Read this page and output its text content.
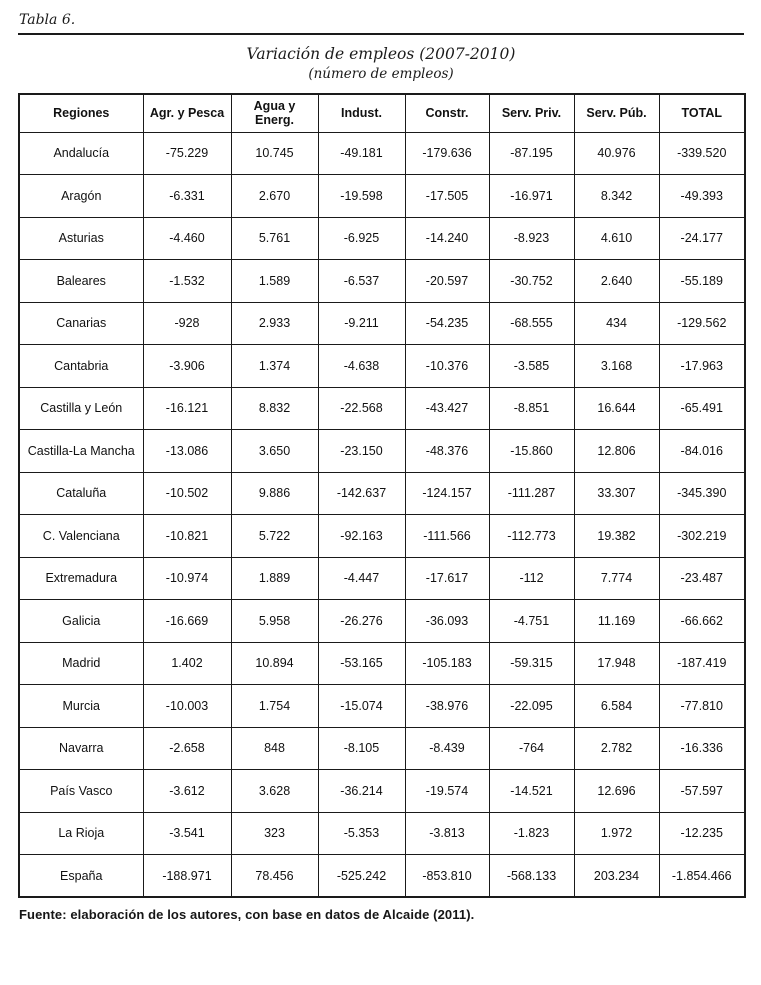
Tabla 6.
Variación de empleos (2007-2010)
(número de empleos)
Regiones	Agr. y Pesca	Agua y Energ.	Indust.	Constr.	Serv. Priv.	Serv. Púb.	TOTAL
Andalucía	-75.229	10.745	-49.181	-179.636	-87.195	40.976	-339.520
Aragón	-6.331	2.670	-19.598	-17.505	-16.971	8.342	-49.393
Asturias	-4.460	5.761	-6.925	-14.240	-8.923	4.610	-24.177
Baleares	-1.532	1.589	-6.537	-20.597	-30.752	2.640	-55.189
Canarias	-928	2.933	-9.211	-54.235	-68.555	434	-129.562
Cantabria	-3.906	1.374	-4.638	-10.376	-3.585	3.168	-17.963
Castilla y León	-16.121	8.832	-22.568	-43.427	-8.851	16.644	-65.491
Castilla-La Mancha	-13.086	3.650	-23.150	-48.376	-15.860	12.806	-84.016
Cataluña	-10.502	9.886	-142.637	-124.157	-111.287	33.307	-345.390
C. Valenciana	-10.821	5.722	-92.163	-111.566	-112.773	19.382	-302.219
Extremadura	-10.974	1.889	-4.447	-17.617	-112	7.774	-23.487
Galicia	-16.669	5.958	-26.276	-36.093	-4.751	11.169	-66.662
Madrid	1.402	10.894	-53.165	-105.183	-59.315	17.948	-187.419
Murcia	-10.003	1.754	-15.074	-38.976	-22.095	6.584	-77.810
Navarra	-2.658	848	-8.105	-8.439	-764	2.782	-16.336
País Vasco	-3.612	3.628	-36.214	-19.574	-14.521	12.696	-57.597
La Rioja	-3.541	323	-5.353	-3.813	-1.823	1.972	-12.235
España	-188.971	78.456	-525.242	-853.810	-568.133	203.234	-1.854.466
Fuente: elaboración de los autores, con base en datos de Alcaide (2011).
